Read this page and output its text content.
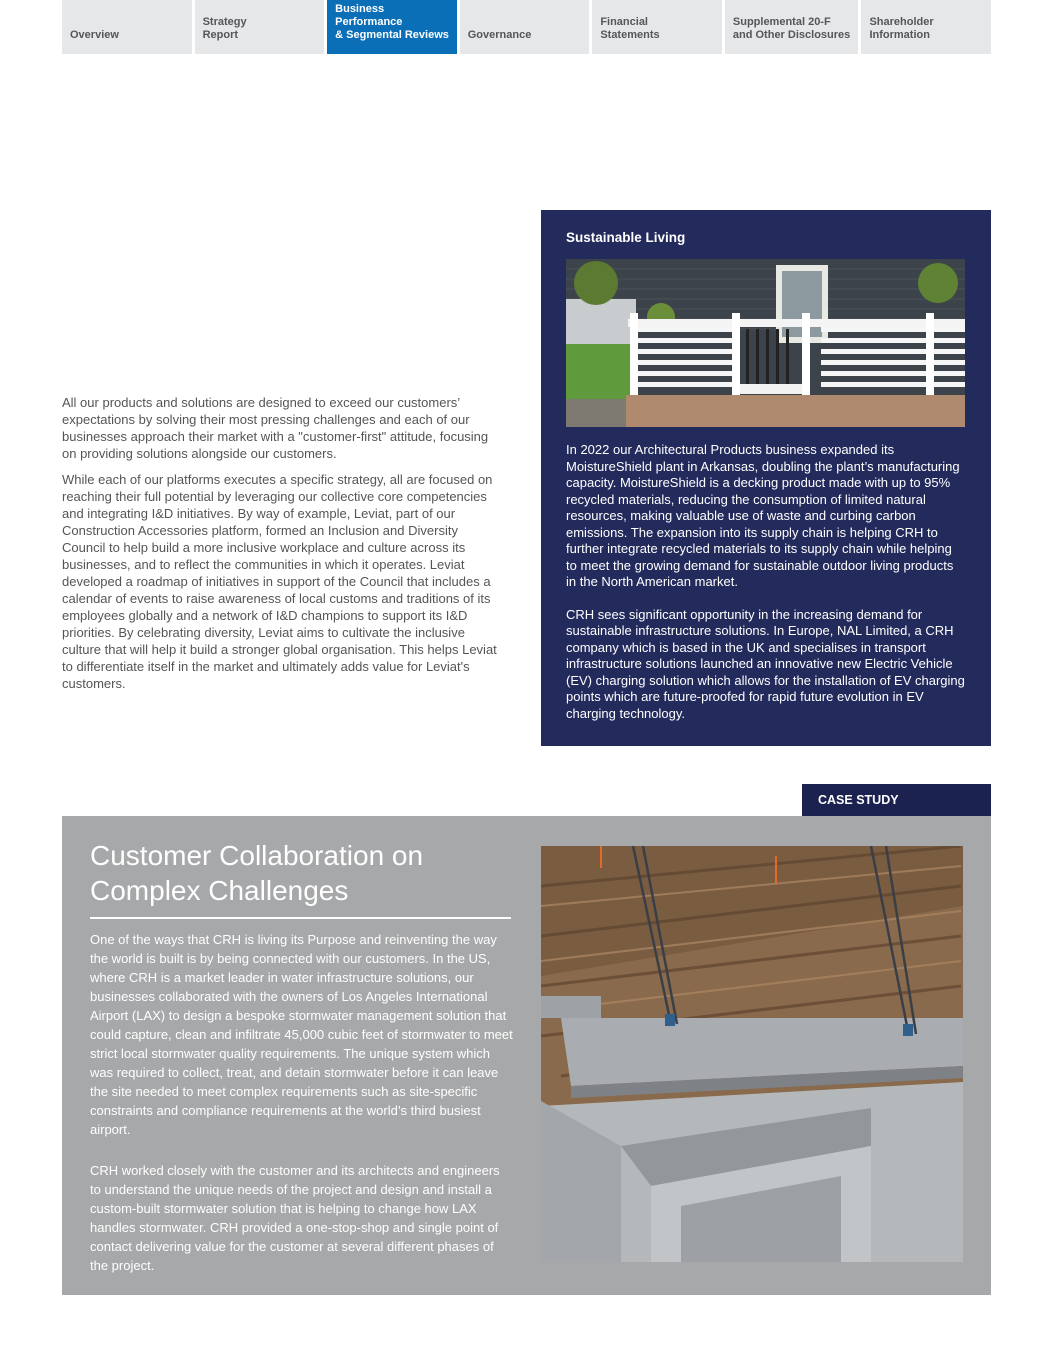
Overview
Strategy
Report
Business Performance
& Segmental Reviews	Governance
Financial
Statements
Supplemental 20-F
and Other Disclosures
Shareholder
Information

All our products and solutions are designed to exceed our customers’ expectations by solving their most pressing challenges and each of our businesses approach their market with a "customer-first" attitude, focusing on providing solutions alongside our customers.

While each of our platforms executes a specific strategy, all are focused on reaching their full potential by leveraging our collective core competencies and integrating I&D initiatives. By way of example, Leviat, part of our Construction Accessories platform, formed an Inclusion and Diversity Council to help build a more inclusive workplace and culture across its businesses, and to reflect the communities in which it operates. Leviat developed a roadmap of initiatives in support of the Council that includes a calendar of events to raise awareness of local customs and traditions of its employees globally and a network of I&D champions to support its I&D priorities. By celebrating diversity, Leviat aims to cultivate the inclusive culture that will help it build a stronger global organisation. This helps Leviat to differentiate itself in the market and ultimately adds value for Leviat's customers.

Sustainable Living

In 2022 our Architectural Products business expanded its MoistureShield plant in Arkansas, doubling the plant’s manufacturing capacity. MoistureShield is a decking product made with up to 95% recycled materials, reducing the consumption of limited natural resources, making valuable use of waste and curbing carbon emissions. The expansion into its supply chain is helping CRH to further integrate recycled materials to its supply chain while helping to meet the growing demand for sustainable outdoor living products in the North American market.

CRH sees significant opportunity in the increasing demand for sustainable infrastructure solutions. In Europe, NAL Limited, a CRH company which is based in the UK and specialises in transport infrastructure solutions launched an innovative new Electric Vehicle (EV) charging solution which allows for the installation of EV charging points which are future-proofed for rapid future evolution in EV charging technology.

CASE STUDY
Customer Collaboration on Complex Challenges

One of the ways that CRH is living its Purpose and reinventing the way the world is built is by being connected with our customers. In the US, where CRH is a market leader in water infrastructure solutions, our businesses collaborated with the owners of Los Angeles International Airport (LAX) to design a bespoke stormwater management solution that could capture, clean and infiltrate 45,000 cubic feet of stormwater to meet strict local stormwater quality requirements. The unique system which was required to collect, treat, and detain stormwater before it can leave the site needed to meet complex requirements such as site-specific constraints and compliance requirements at the world’s third busiest airport.

CRH worked closely with the customer and its architects and engineers to understand the unique needs of the project and design and install a custom-built stormwater solution that is helping to change how LAX handles stormwater. CRH provided a one-stop-shop and single point of contact delivering value for the customer at several different phases of the project.
